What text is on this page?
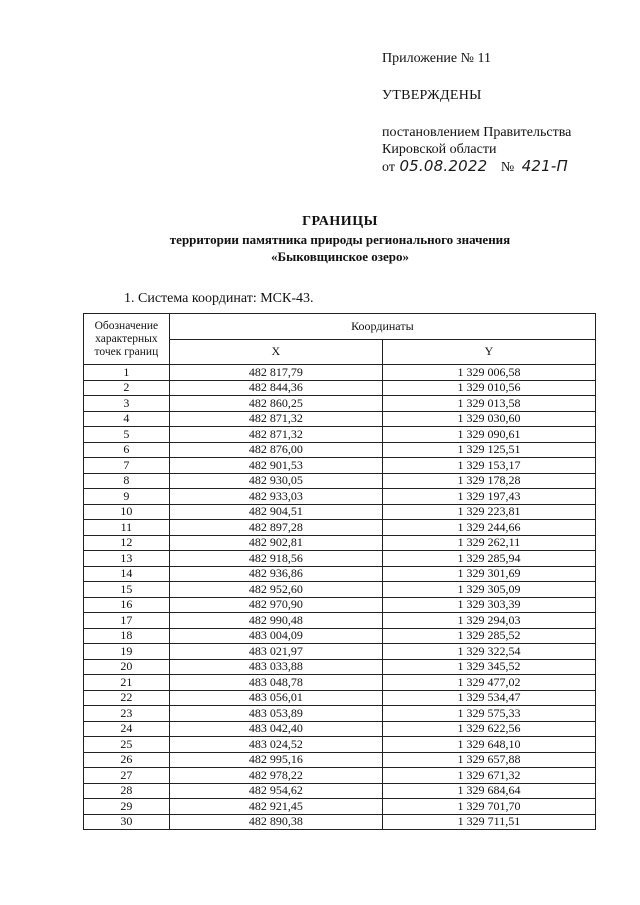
Приложение № 11
УТВЕРЖДЕНЫ
постановлением Правительства
Кировской области
от 05.08.2022 № 421-П
ГРАНИЦЫ
территории памятника природы регионального значения
«Быковщинское озеро»
1. Система координат: МСК-43.
Обозначение характерных точек границ	Координаты	
	X	Y
1	482 817,79	1 329 006,58
2	482 844,36	1 329 010,56
3	482 860,25	1 329 013,58
4	482 871,32	1 329 030,60
5	482 871,32	1 329 090,61
6	482 876,00	1 329 125,51
7	482 901,53	1 329 153,17
8	482 930,05	1 329 178,28
9	482 933,03	1 329 197,43
10	482 904,51	1 329 223,81
11	482 897,28	1 329 244,66
12	482 902,81	1 329 262,11
13	482 918,56	1 329 285,94
14	482 936,86	1 329 301,69
15	482 952,60	1 329 305,09
16	482 970,90	1 329 303,39
17	482 990,48	1 329 294,03
18	483 004,09	1 329 285,52
19	483 021,97	1 329 322,54
20	483 033,88	1 329 345,52
21	483 048,78	1 329 477,02
22	483 056,01	1 329 534,47
23	483 053,89	1 329 575,33
24	483 042,40	1 329 622,56
25	483 024,52	1 329 648,10
26	482 995,16	1 329 657,88
27	482 978,22	1 329 671,32
28	482 954,62	1 329 684,64
29	482 921,45	1 329 701,70
30	482 890,38	1 329 711,51
